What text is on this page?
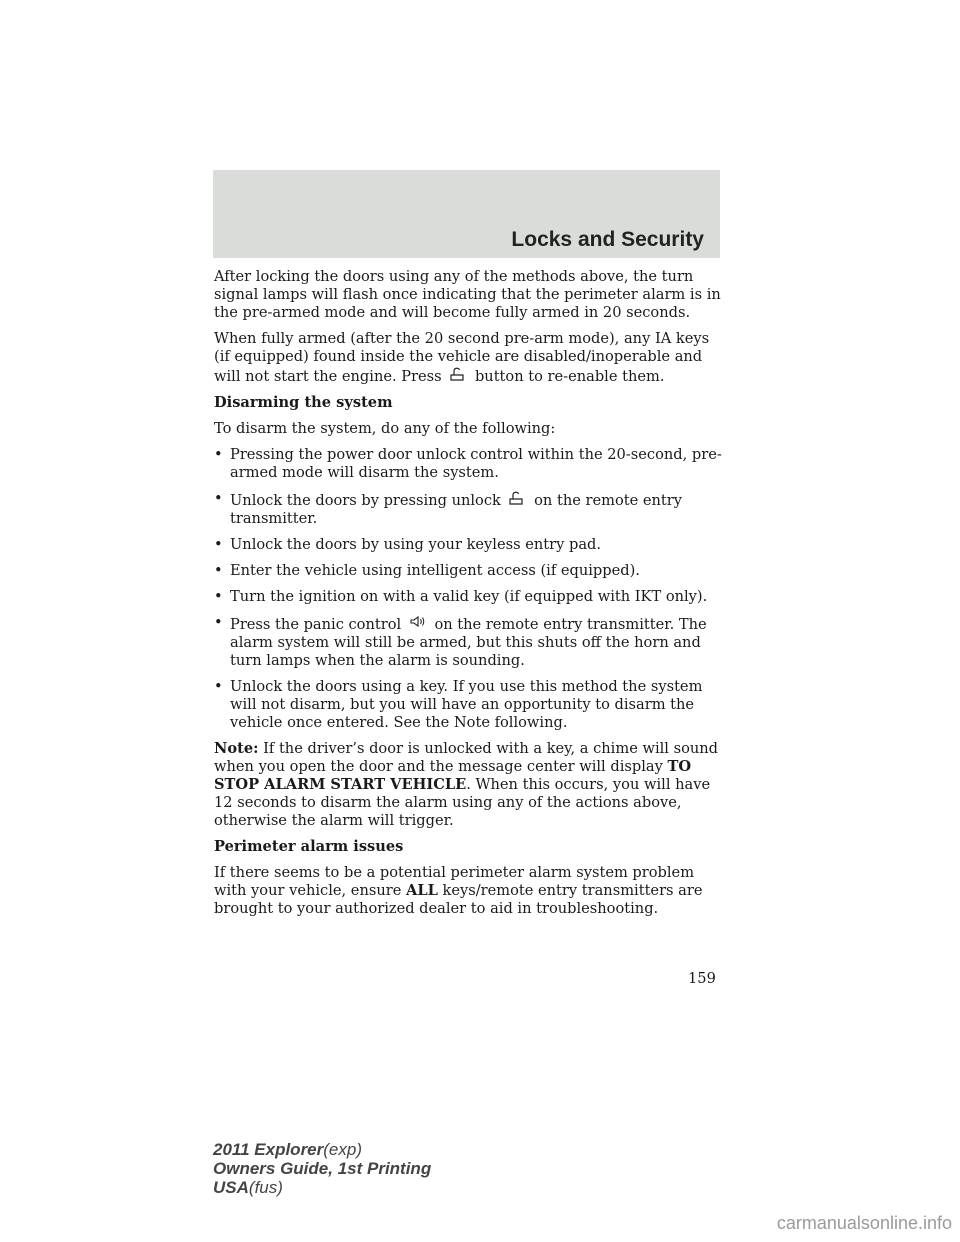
Locks and Security

After locking the doors using any of the methods above, the turn signal lamps will flash once indicating that the perimeter alarm is in the pre-armed mode and will become fully armed in 20 seconds.

When fully armed (after the 20 second pre-arm mode), any IA keys (if equipped) found inside the vehicle are disabled/inoperable and will not start the engine. Press button to re-enable them.

Disarming the system

To disarm the system, do any of the following:

• Pressing the power door unlock control within the 20-second, pre-armed mode will disarm the system.
• Unlock the doors by pressing unlock on the remote entry transmitter.
• Unlock the doors by using your keyless entry pad.
• Enter the vehicle using intelligent access (if equipped).
• Turn the ignition on with a valid key (if equipped with IKT only).
• Press the panic control on the remote entry transmitter. The alarm system will still be armed, but this shuts off the horn and turn lamps when the alarm is sounding.
• Unlock the doors using a key. If you use this method the system will not disarm, but you will have an opportunity to disarm the vehicle once entered. See the Note following.

Note: If the driver’s door is unlocked with a key, a chime will sound when you open the door and the message center will display TO STOP ALARM START VEHICLE. When this occurs, you will have 12 seconds to disarm the alarm using any of the actions above, otherwise the alarm will trigger.

Perimeter alarm issues

If there seems to be a potential perimeter alarm system problem with your vehicle, ensure ALL keys/remote entry transmitters are brought to your authorized dealer to aid in troubleshooting.

159
2011 Explorer(exp)
Owners Guide, 1st Printing
USA(fus)
carmanualsonline.info
